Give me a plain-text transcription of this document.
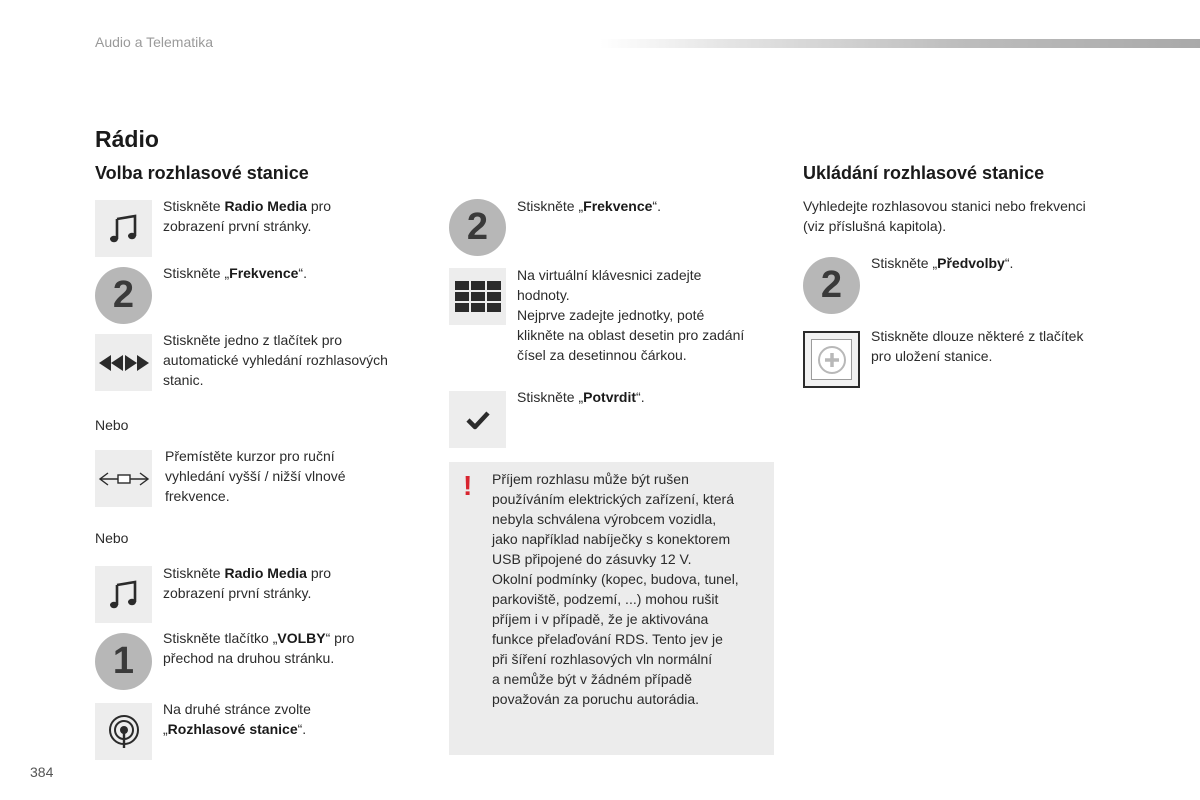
Audio a Telematika
Rádio
Volba rozhlasové stanice
Stiskněte Radio Media pro
zobrazení první stránky.
2
Stiskněte „Frekvence“.
Stiskněte jedno z tlačítek pro
automatické vyhledání rozhlasových
stanic.
Nebo
Přemístěte kurzor pro ruční
vyhledání vyšší / nižší vlnové
frekvence.
Nebo
Stiskněte Radio Media pro
zobrazení první stránky.
1
Stiskněte tlačítko „VOLBY“ pro
přechod na druhou stránku.
Na druhé stránce zvolte
„Rozhlasové stanice“.
2	Stiskněte „Frekvence“.
Na virtuální klávesnici zadejte
hodnoty.
Nejprve zadejte jednotky, poté
klikněte na oblast desetin pro zadání
čísel za desetinnou čárkou.
Stiskněte „Potvrdit“.
! Příjem rozhlasu může být rušen
používáním elektrických zařízení, která
nebyla schválena výrobcem vozidla,
jako například nabíječky s konektorem
USB připojené do zásuvky 12 V.
Okolní podmínky (kopec, budova, tunel,
parkoviště, podzemí, ...) mohou rušit
příjem i v případě, že je aktivována
funkce přelaďování RDS. Tento jev je
při šíření rozhlasových vln normální
a nemůže být v žádném případě
považován za poruchu autorádia.
Ukládání rozhlasové stanice
Vyhledejte rozhlasovou stanici nebo frekvenci
(viz příslušná kapitola).
2
Stiskněte „Předvolby“.
Stiskněte dlouze některé z tlačítek
pro uložení stanice.
384
